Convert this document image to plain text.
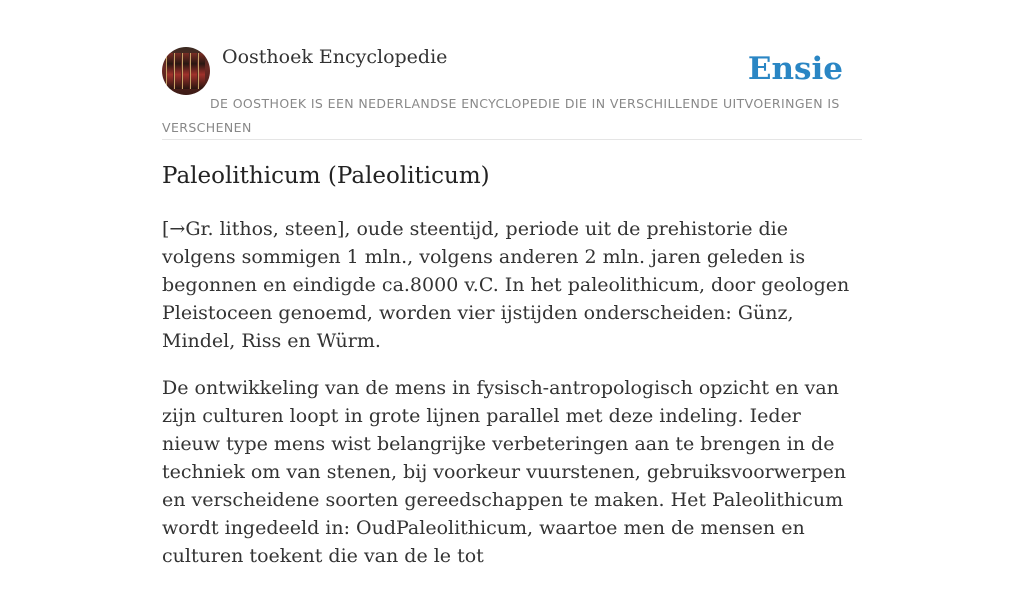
Oosthoek Encyclopedie	Ensie
DE OOSTHOEK IS EEN NEDERLANDSE ENCYCLOPEDIE DIE IN VERSCHILLENDE UITVOERINGEN IS VERSCHENEN
Paleolithicum (Paleoliticum)

[→Gr. lithos, steen], oude steentijd, periode uit de prehistorie die volgens sommigen 1 mln., volgens anderen 2 mln. jaren geleden is begonnen en eindigde ca.8000 v.C. In het paleolithicum, door geologen Pleistoceen genoemd, worden vier ijstijden onderscheiden: Günz, Mindel, Riss en Würm.

De ontwikkeling van de mens in fysisch-antropologisch opzicht en van zijn culturen loopt in grote lijnen parallel met deze indeling. Ieder nieuw type mens wist belangrijke verbeteringen aan te brengen in de techniek om van stenen, bij voorkeur vuurstenen, gebruiksvoorwerpen en verscheidene soorten gereedschappen te maken. Het Paleolithicum wordt ingedeeld in: OudPaleolithicum, waartoe men de mensen en culturen toekent die van de le tot
